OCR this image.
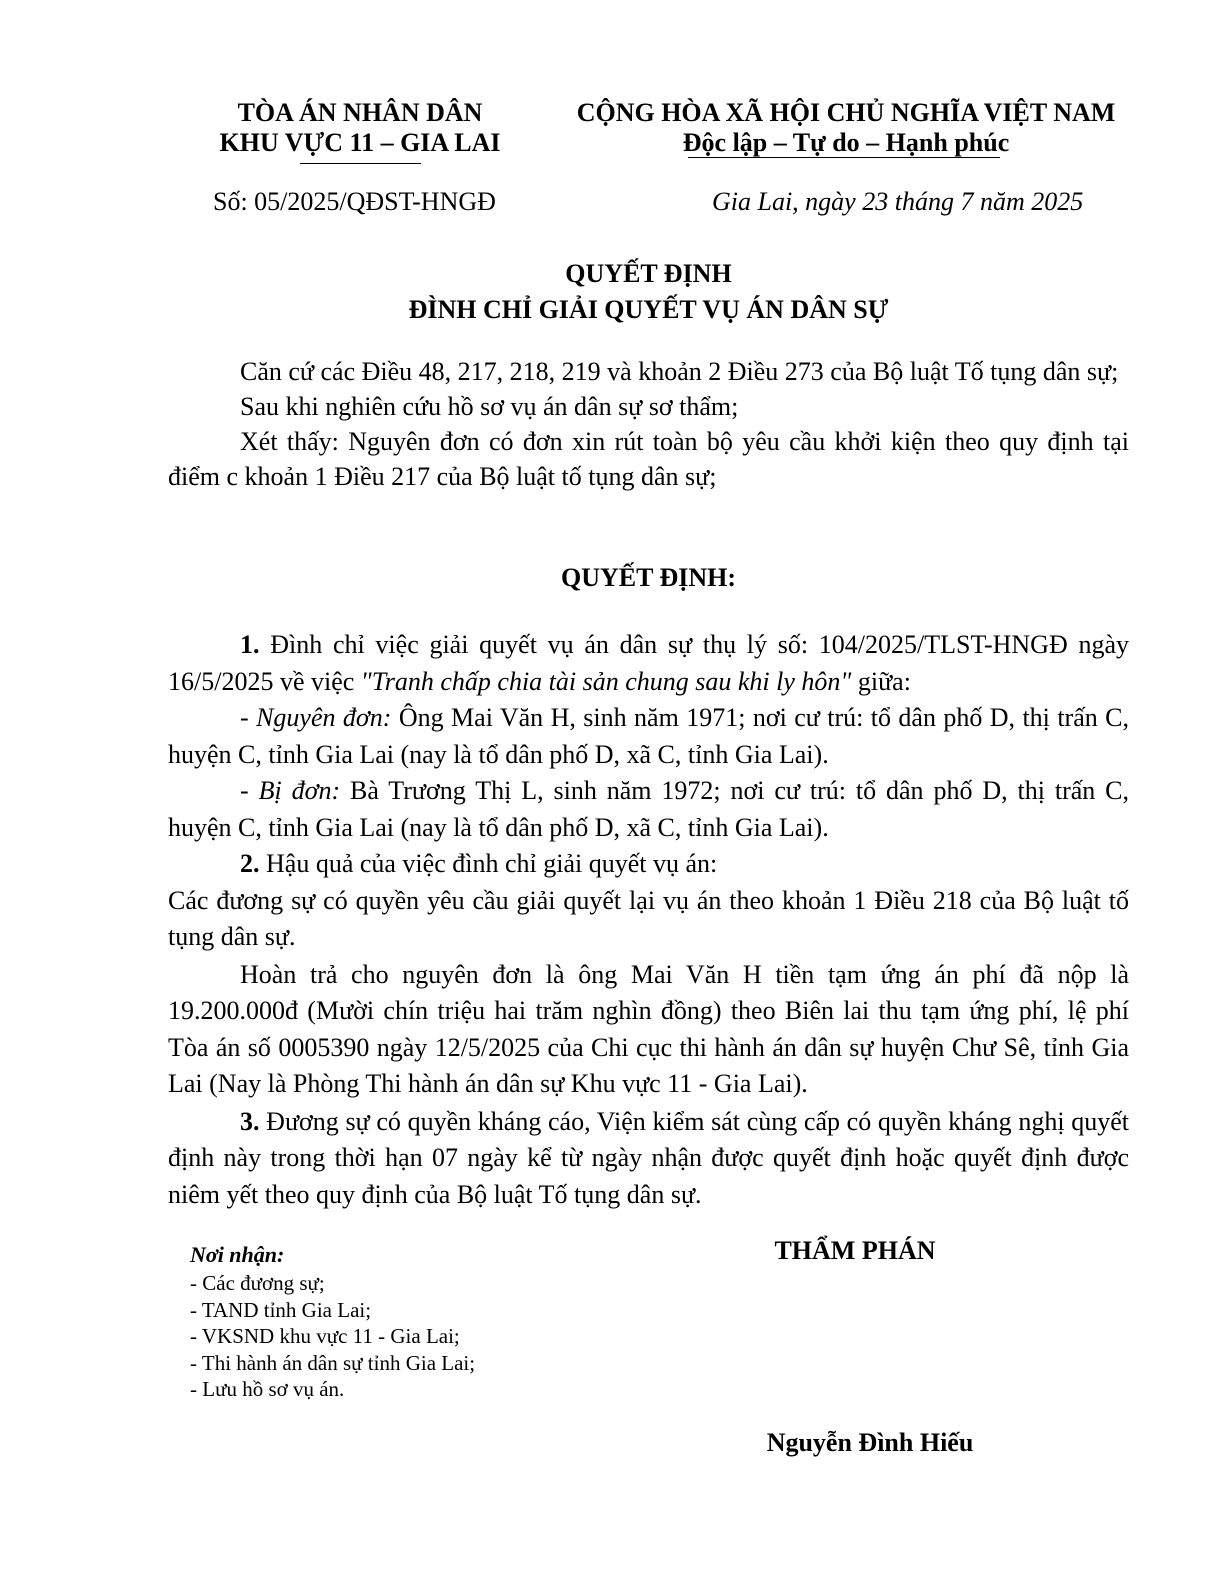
TÒA ÁN NHÂN DÂN
KHU VỰC 11 – GIA LAI
CỘNG HÒA XÃ HỘI CHỦ NGHĨA VIỆT NAM
Độc lập – Tự do – Hạnh phúc
Số: 05/2025/QĐST-HNGĐ	Gia Lai, ngày 23 tháng 7 năm 2025
QUYẾT ĐỊNH
ĐÌNH CHỈ GIẢI QUYẾT VỤ ÁN DÂN SỰ
Căn cứ các Điều 48, 217, 218, 219 và khoản 2 Điều 273 của Bộ luật Tố tụng dân sự;
Sau khi nghiên cứu hồ sơ vụ án dân sự sơ thẩm;
Xét thấy: Nguyên đơn có đơn xin rút toàn bộ yêu cầu khởi kiện theo quy định tại điểm c khoản 1 Điều 217 của Bộ luật tố tụng dân sự;
QUYẾT ĐỊNH:
1. Đình chỉ việc giải quyết vụ án dân sự thụ lý số: 104/2025/TLST-HNGĐ ngày 16/5/2025 về việc "Tranh chấp chia tài sản chung sau khi ly hôn" giữa:
- Nguyên đơn: Ông Mai Văn H, sinh năm 1971; nơi cư trú: tổ dân phố D, thị trấn C, huyện C, tỉnh Gia Lai (nay là tổ dân phố D, xã C, tỉnh Gia Lai).
- Bị đơn: Bà Trương Thị L, sinh năm 1972; nơi cư trú: tổ dân phố D, thị trấn C, huyện C, tỉnh Gia Lai (nay là tổ dân phố D, xã C, tỉnh Gia Lai).
2. Hậu quả của việc đình chỉ giải quyết vụ án:
Các đương sự có quyền yêu cầu giải quyết lại vụ án theo khoản 1 Điều 218 của Bộ luật tố tụng dân sự.
Hoàn trả cho nguyên đơn là ông Mai Văn H tiền tạm ứng án phí đã nộp là 19.200.000đ (Mười chín triệu hai trăm nghìn đồng) theo Biên lai thu tạm ứng phí, lệ phí Tòa án số 0005390 ngày 12/5/2025 của Chi cục thi hành án dân sự huyện Chư Sê, tỉnh Gia Lai (Nay là Phòng Thi hành án dân sự Khu vực 11 - Gia Lai).
3. Đương sự có quyền kháng cáo, Viện kiểm sát cùng cấp có quyền kháng nghị quyết định này trong thời hạn 07 ngày kể từ ngày nhận được quyết định hoặc quyết định được niêm yết theo quy định của Bộ luật Tố tụng dân sự.
Nơi nhận:
- Các đương sự;
- TAND tỉnh Gia Lai;
- VKSND khu vực 11 - Gia Lai;
- Thi hành án dân sự tỉnh Gia Lai;
- Lưu hồ sơ vụ án.
THẨM PHÁN
Nguyễn Đình Hiếu
